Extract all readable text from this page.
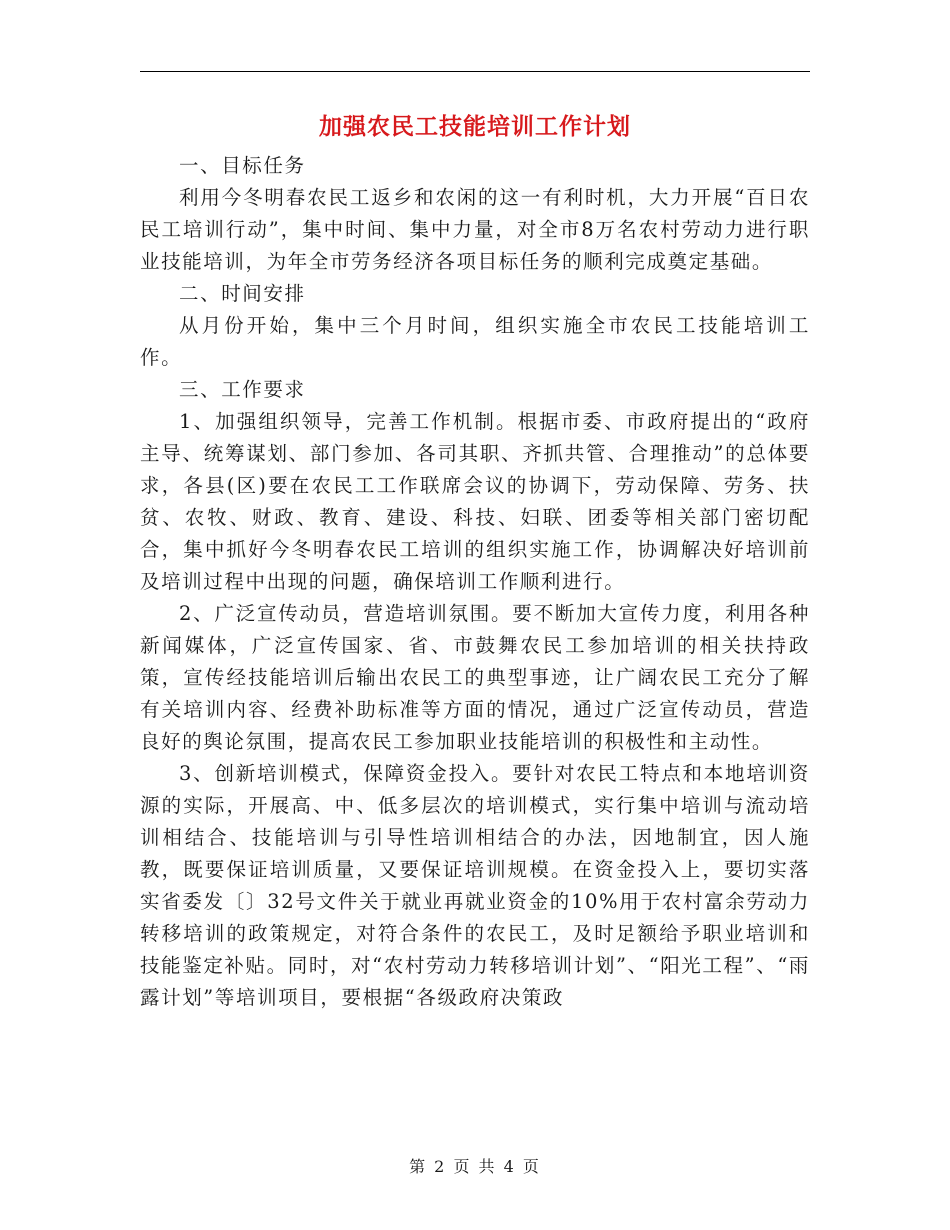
加强农民工技能培训工作计划

一、目标任务

利用今冬明春农民工返乡和农闲的这一有利时机，大力开展“百日农民工培训行动”，集中时间、集中力量，对全市8万名农村劳动力进行职业技能培训，为年全市劳务经济各项目标任务的顺利完成奠定基础。

二、时间安排

从月份开始，集中三个月时间，组织实施全市农民工技能培训工作。

三、工作要求

1、加强组织领导，完善工作机制。根据市委、市政府提出的“政府主导、统筹谋划、部门参加、各司其职、齐抓共管、合理推动”的总体要求，各县(区)要在农民工工作联席会议的协调下，劳动保障、劳务、扶贫、农牧、财政、教育、建设、科技、妇联、团委等相关部门密切配合，集中抓好今冬明春农民工培训的组织实施工作，协调解决好培训前及培训过程中出现的问题，确保培训工作顺利进行。

2、广泛宣传动员，营造培训氛围。要不断加大宣传力度，利用各种新闻媒体，广泛宣传国家、省、市鼓舞农民工参加培训的相关扶持政策，宣传经技能培训后输出农民工的典型事迹，让广阔农民工充分了解有关培训内容、经费补助标准等方面的情况，通过广泛宣传动员，营造良好的舆论氛围，提高农民工参加职业技能培训的积极性和主动性。

3、创新培训模式，保障资金投入。要针对农民工特点和本地培训资源的实际，开展高、中、低多层次的培训模式，实行集中培训与流动培训相结合、技能培训与引导性培训相结合的办法，因地制宜，因人施教，既要保证培训质量，又要保证培训规模。在资金投入上，要切实落实省委发〔〕32号文件关于就业再就业资金的10%用于农村富余劳动力转移培训的政策规定，对符合条件的农民工，及时足额给予职业培训和技能鉴定补贴。同时，对“农村劳动力转移培训计划”、“阳光工程”、“雨露计划”等培训项目，要根据“各级政府决策政

第 2 页 共 4 页
